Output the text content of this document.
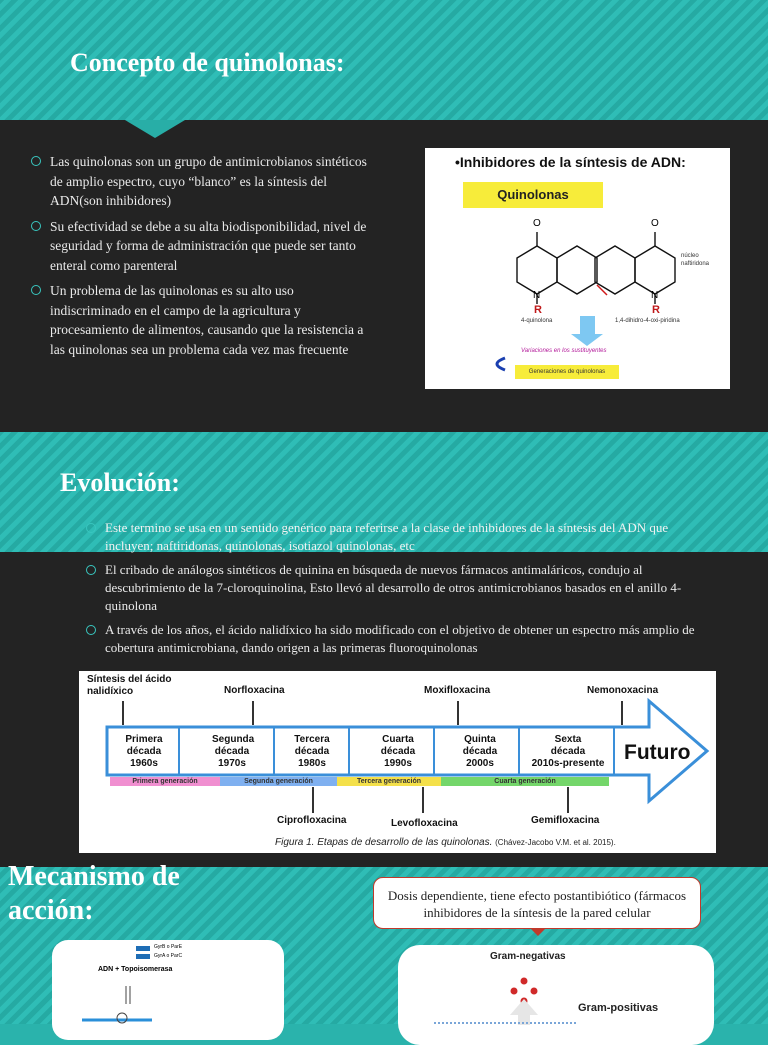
Concepto de quinolonas:
Las quinolonas son un grupo de antimicrobianos sintéticos de amplio espectro, cuyo “blanco” es la síntesis del ADN(son inhibidores)
Su efectividad se debe a su alta biodisponibilidad, nivel de seguridad y forma de administración que puede ser tanto enteral como parenteral
Un problema de las quinolonas es su alto uso indiscriminado en el campo de la agricultura y procesamiento de alimentos, causando que la resistencia a las quinolonas sea un problema cada vez mas frecuente
•Inhibidores de la síntesis de ADN:
Quinolonas
O	O
N	N
R	R
4-quinolona	1,4-dihidro-4-oxi-piridina
núcleo naftiridona
Variaciones en los sustituyentes
Generaciones de quinolonas
Evolución:
Este termino se usa en un sentido genérico para referirse a la clase de inhibidores de la síntesis del ADN que incluyen; naftiridonas, quinolonas, isotiazol quinolonas, etc
El cribado de análogos sintéticos de quinina en búsqueda de nuevos fármacos antimaláricos, condujo al descubrimiento de la 7-cloroquinolina, Esto llevó al desarrollo de otros antimicrobianos basados en el anillo 4-quinolona
A través de los años, el ácido nalidíxico ha sido modificado con el objetivo de obtener un espectro más amplio de cobertura antimicrobiana, dando origen a las primeras fluoroquinolonas
Síntesis del ácido nalidíxico	Norfloxacina	Moxifloxacina	Nemonoxacina
Primera década
1960s
Segunda década
1970s
Tercera década
1980s
Cuarta década
1990s
Quinta década
2000s
Sexta década
2010s-presente Futuro
Primera generación	Segunda generación	Tercera generación	Cuarta generación
Ciprofloxacina	Levofloxacina	Gemifloxacina
Figura 1. Etapas de desarrollo de las quinolonas. (Chávez-Jacobo V.M. et al. 2015).
Mecanismo de acción:	Dosis dependiente, tiene efecto postantibiótico (fármacos inhibidores de la síntesis de la pared celular
GyrB o ParE
GyrA o ParC
ADN + Topoisomerasa
Gram-negativas
Gram-positivas
